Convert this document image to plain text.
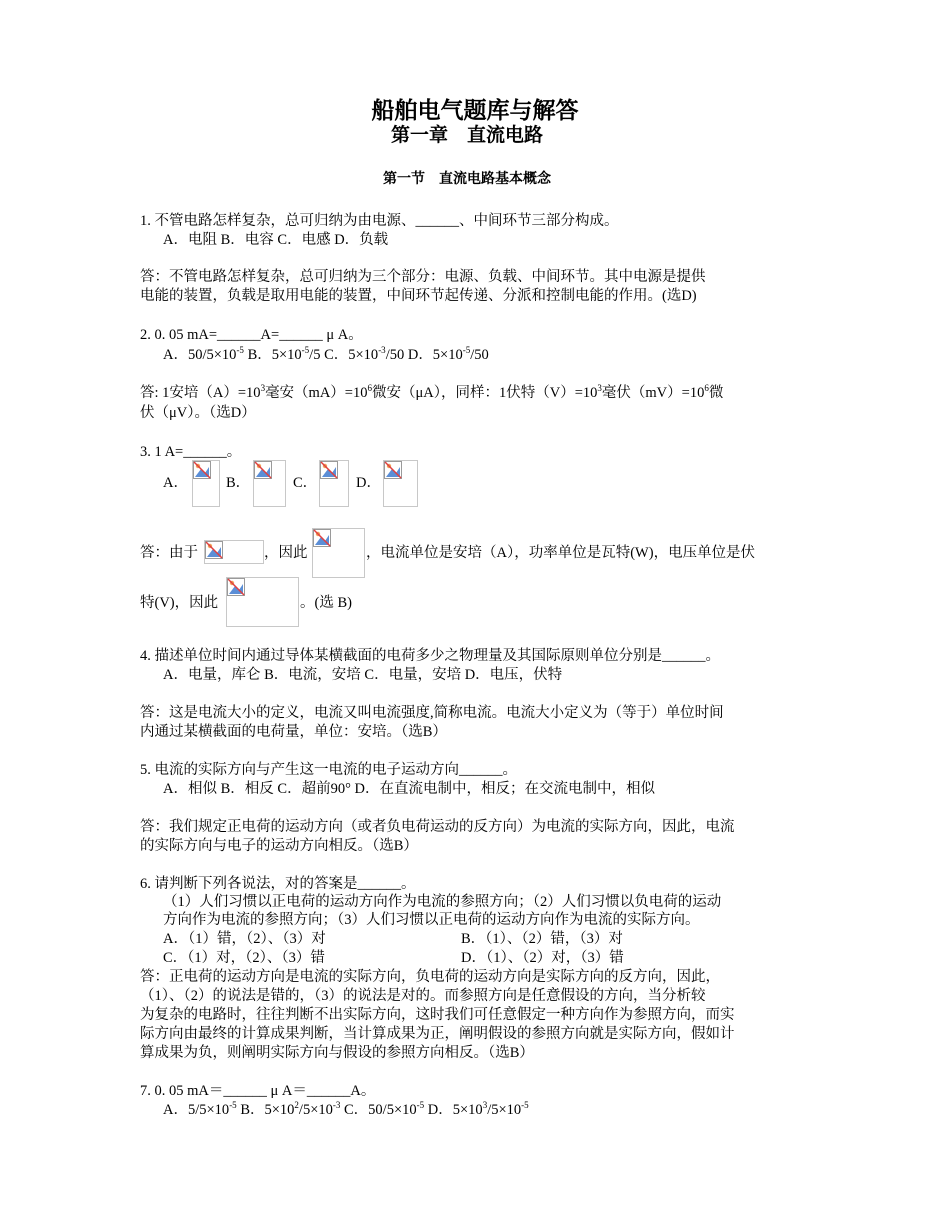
船舶电气题库与解答
第一章　直流电路
第一节　直流电路基本概念
1. 不管电路怎样复杂，总可归纳为由电源、______、中间环节三部分构成。
A．电阻 B．电容 C．电感 D．负载
答：不管电路怎样复杂，总可归纳为三个部分：电源、负载、中间环节。其中电源是提供
电能的装置，负载是取用电能的装置，中间环节起传递、分派和控制电能的作用。(选D)
2. 0. 05 mA=______A=______ μ A。
A．$50/5\times 10^{-5}$ B．$5\times 10^{-5}/5$ C．$5\times 10^{-3}/50$ D．$5\times 10^{-5}/50$
答: 1安培$(A)=10^3$毫安$(mA)=10^6$微安（μA），同样：1伏特$(V)=10^3$毫伏$(mV)=10^6$微
伏（μV）。（选D）
3. 1 A=______。
A．	B．	C．	D．
答：由于	，因此	，电流单位是安培（A），功率单位是瓦特(W)，电压单位是伏
特(V)，因此	。(选 B)
4. 描述单位时间内通过导体某横截面的电荷多少之物理量及其国际原则单位分别是______。
A．电量，库仑 B．电流，安培 C．电量，安培 D．电压，伏特
答：这是电流大小的定义，电流又叫电流强度,简称电流。电流大小定义为（等于）单位时间
内通过某横截面的电荷量，单位：安培。（选B）
5. 电流的实际方向与产生这一电流的电子运动方向______。
A．相似 B．相反 C．超前90° D．在直流电制中，相反；在交流电制中，相似
答：我们规定正电荷的运动方向（或者负电荷运动的反方向）为电流的实际方向，因此，电流
的实际方向与电子的运动方向相反。（选B）
6. 请判断下列各说法，对的答案是______。
（1）人们习惯以正电荷的运动方向作为电流的参照方向；（2）人们习惯以负电荷的运动
方向作为电流的参照方向；（3）人们习惯以正电荷的运动方向作为电流的实际方向。
A．（1）错，（2）、（3）对	B．（1）、（2）错，（3）对
C．（1）对，（2）、（3）错	D．（1）、（2）对，（3）错
答：正电荷的运动方向是电流的实际方向，负电荷的运动方向是实际方向的反方向，因此，
（1）、（2）的说法是错的，（3）的说法是对的。而参照方向是任意假设的方向，当分析较
为复杂的电路时，往往判断不出实际方向，这时我们可任意假定一种方向作为参照方向，而实
际方向由最终的计算成果判断，当计算成果为正，阐明假设的参照方向就是实际方向，假如计
算成果为负，则阐明实际方向与假设的参照方向相反。（选B）
7. 0. 05 mA＝______ μ A＝______A。
A．$5/5\times 10^{-5}$ B．$5\times 10^2/5\times 10^{-3}$ C．$50/5\times 10^{-5}$ D．$5\times 10^3/5\times 10^{-5}$
